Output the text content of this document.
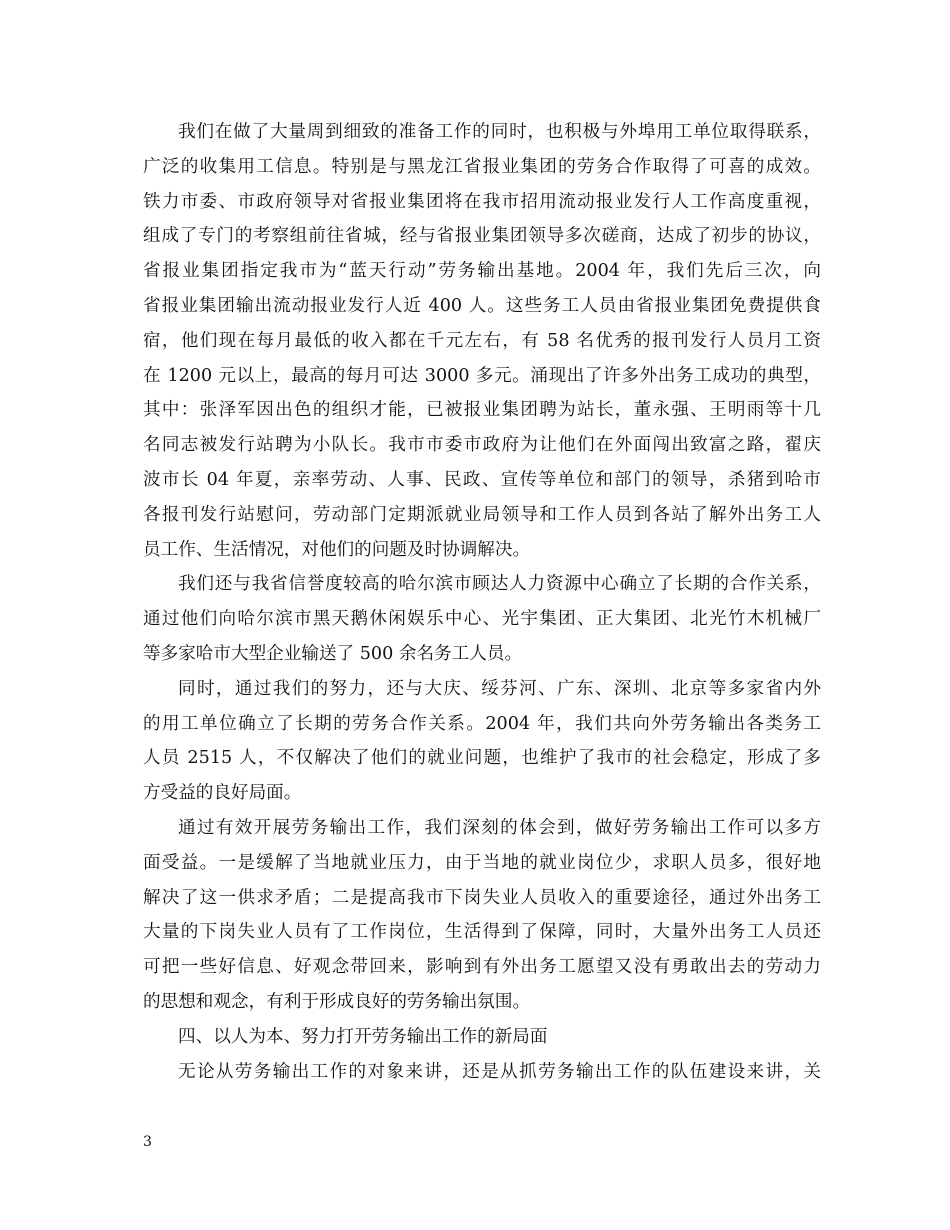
我们在做了大量周到细致的准备工作的同时，也积极与外埠用工单位取得联系，
广泛的收集用工信息。特别是与黑龙江省报业集团的劳务合作取得了可喜的成效。
铁力市委、市政府领导对省报业集团将在我市招用流动报业发行人工作高度重视，
组成了专门的考察组前往省城，经与省报业集团领导多次磋商，达成了初步的协议，
省报业集团指定我市为“蓝天行动”劳务输出基地。2004 年，我们先后三次，向
省报业集团输出流动报业发行人近 400 人。这些务工人员由省报业集团免费提供食
宿，他们现在每月最低的收入都在千元左右，有 58 名优秀的报刊发行人员月工资
在 1200 元以上，最高的每月可达 3000 多元。涌现出了许多外出务工成功的典型，
其中：张泽军因出色的组织才能，已被报业集团聘为站长，董永强、王明雨等十几
名同志被发行站聘为小队长。我市市委市政府为让他们在外面闯出致富之路，翟庆
波市长 04 年夏，亲率劳动、人事、民政、宣传等单位和部门的领导，杀猪到哈市
各报刊发行站慰问，劳动部门定期派就业局领导和工作人员到各站了解外出务工人
员工作、生活情况，对他们的问题及时协调解决。
我们还与我省信誉度较高的哈尔滨市顾达人力资源中心确立了长期的合作关系，
通过他们向哈尔滨市黑天鹅休闲娱乐中心、光宇集团、正大集团、北光竹木机械厂
等多家哈市大型企业输送了 500 余名务工人员。
同时，通过我们的努力，还与大庆、绥芬河、广东、深圳、北京等多家省内外
的用工单位确立了长期的劳务合作关系。2004 年，我们共向外劳务输出各类务工
人员 2515 人，不仅解决了他们的就业问题，也维护了我市的社会稳定，形成了多
方受益的良好局面。
通过有效开展劳务输出工作，我们深刻的体会到，做好劳务输出工作可以多方
面受益。一是缓解了当地就业压力，由于当地的就业岗位少，求职人员多，很好地
解决了这一供求矛盾；二是提高我市下岗失业人员收入的重要途径，通过外出务工
大量的下岗失业人员有了工作岗位，生活得到了保障，同时，大量外出务工人员还
可把一些好信息、好观念带回来，影响到有外出务工愿望又没有勇敢出去的劳动力
的思想和观念，有利于形成良好的劳务输出氛围。
四、以人为本、努力打开劳务输出工作的新局面
无论从劳务输出工作的对象来讲，还是从抓劳务输出工作的队伍建设来讲，关
3
